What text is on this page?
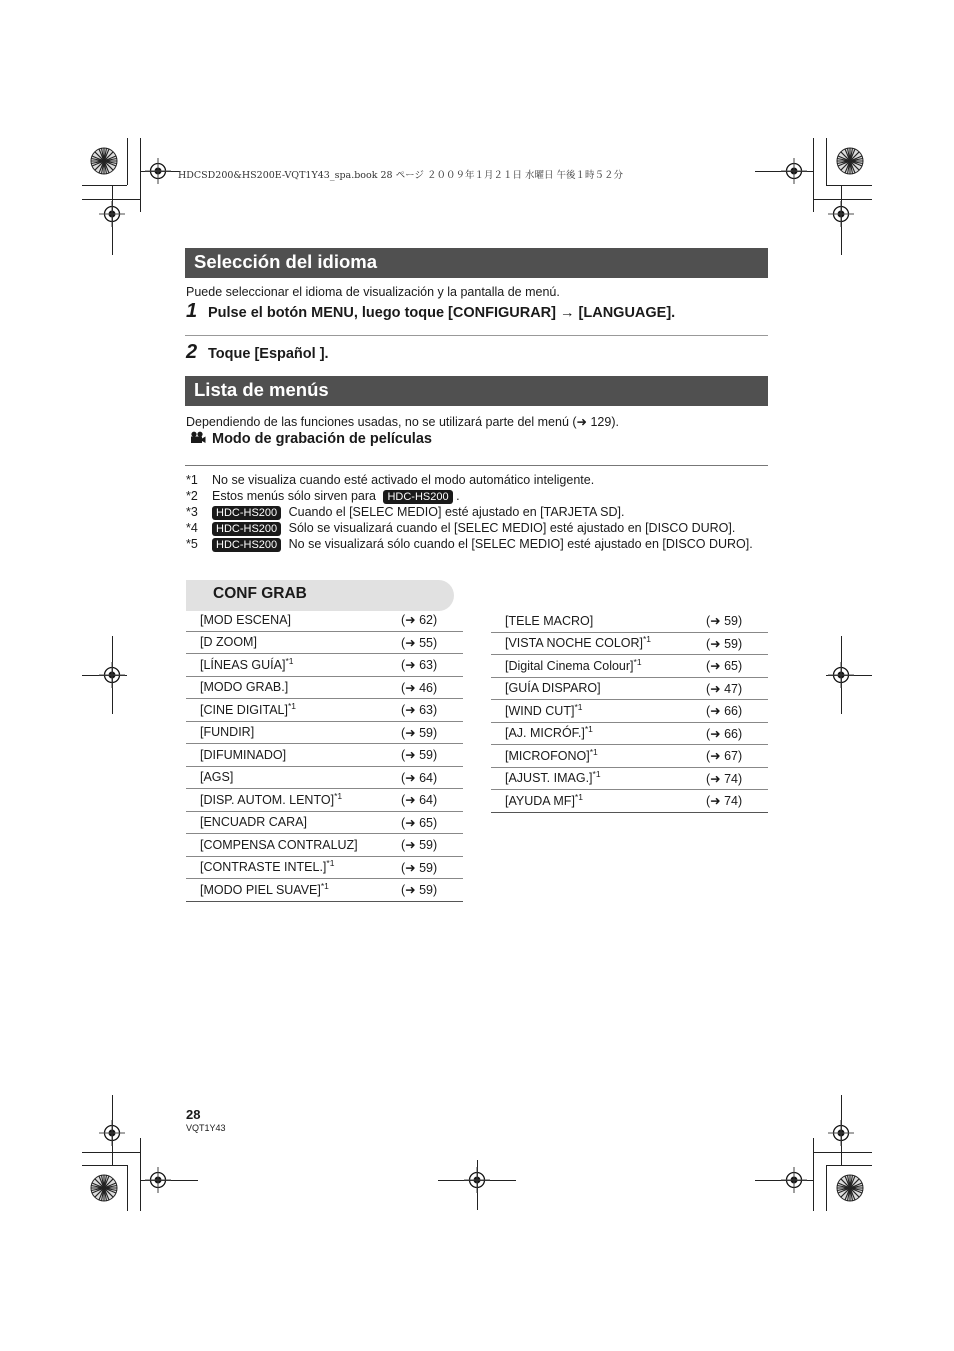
HDCSD200&HS200E-VQT1Y43_spa.book 28 ページ ２００９年１月２１日 水曜日 午後１時５２分
Selección del idioma
Puede seleccionar el idioma de visualización y la pantalla de menú.
1 Pulse el botón MENU, luego toque [CONFIGURAR] → [LANGUAGE].
2 Toque [Español ].
Lista de menús
Dependiendo de las funciones usadas, no se utilizará parte del menú (➜ 129).
Modo de grabación de películas
*1 No se visualiza cuando esté activado el modo automático inteligente.
*2 Estos menús sólo sirven para HDC-HS200 .
*3 HDC-HS200 Cuando el [SELEC MEDIO] esté ajustado en [TARJETA SD].
*4 HDC-HS200 Sólo se visualizará cuando el [SELEC MEDIO] esté ajustado en [DISCO DURO].
*5 HDC-HS200 No se visualizará sólo cuando el [SELEC MEDIO] esté ajustado en [DISCO DURO].
CONF GRAB
[MOD ESCENA]	(➜ 62)
[D ZOOM]	(➜ 55)
[LÍNEAS GUÍA]$^{*1}$	(➜ 63)
[MODO GRAB.]	(➜ 46)
[CINE DIGITAL]$^{*1}$	(➜ 63)
[FUNDIR]	(➜ 59)
[DIFUMINADO]	(➜ 59)
[AGS]	(➜ 64)
[DISP. AUTOM. LENTO]$^{*1}$	(➜ 64)
[ENCUADR CARA]	(➜ 65)
[COMPENSA CONTRALUZ]	(➜ 59)
[CONTRASTE INTEL.]$^{*1}$	(➜ 59)
[MODO PIEL SUAVE]$^{*1}$	(➜ 59)
[TELE MACRO]	(➜ 59)
[VISTA NOCHE COLOR]$^{*1}$	(➜ 59)
[Digital Cinema Colour]$^{*1}$	(➜ 65)
[GUÍA DISPARO]	(➜ 47)
[WIND CUT]$^{*1}$	(➜ 66)
[AJ. MICRÓF.]$^{*1}$	(➜ 66)
[MICROFONO]$^{*1}$	(➜ 67)
[AJUST. IMAG.]$^{*1}$	(➜ 74)
[AYUDA MF]$^{*1}$	(➜ 74)
28
VQT1Y43
